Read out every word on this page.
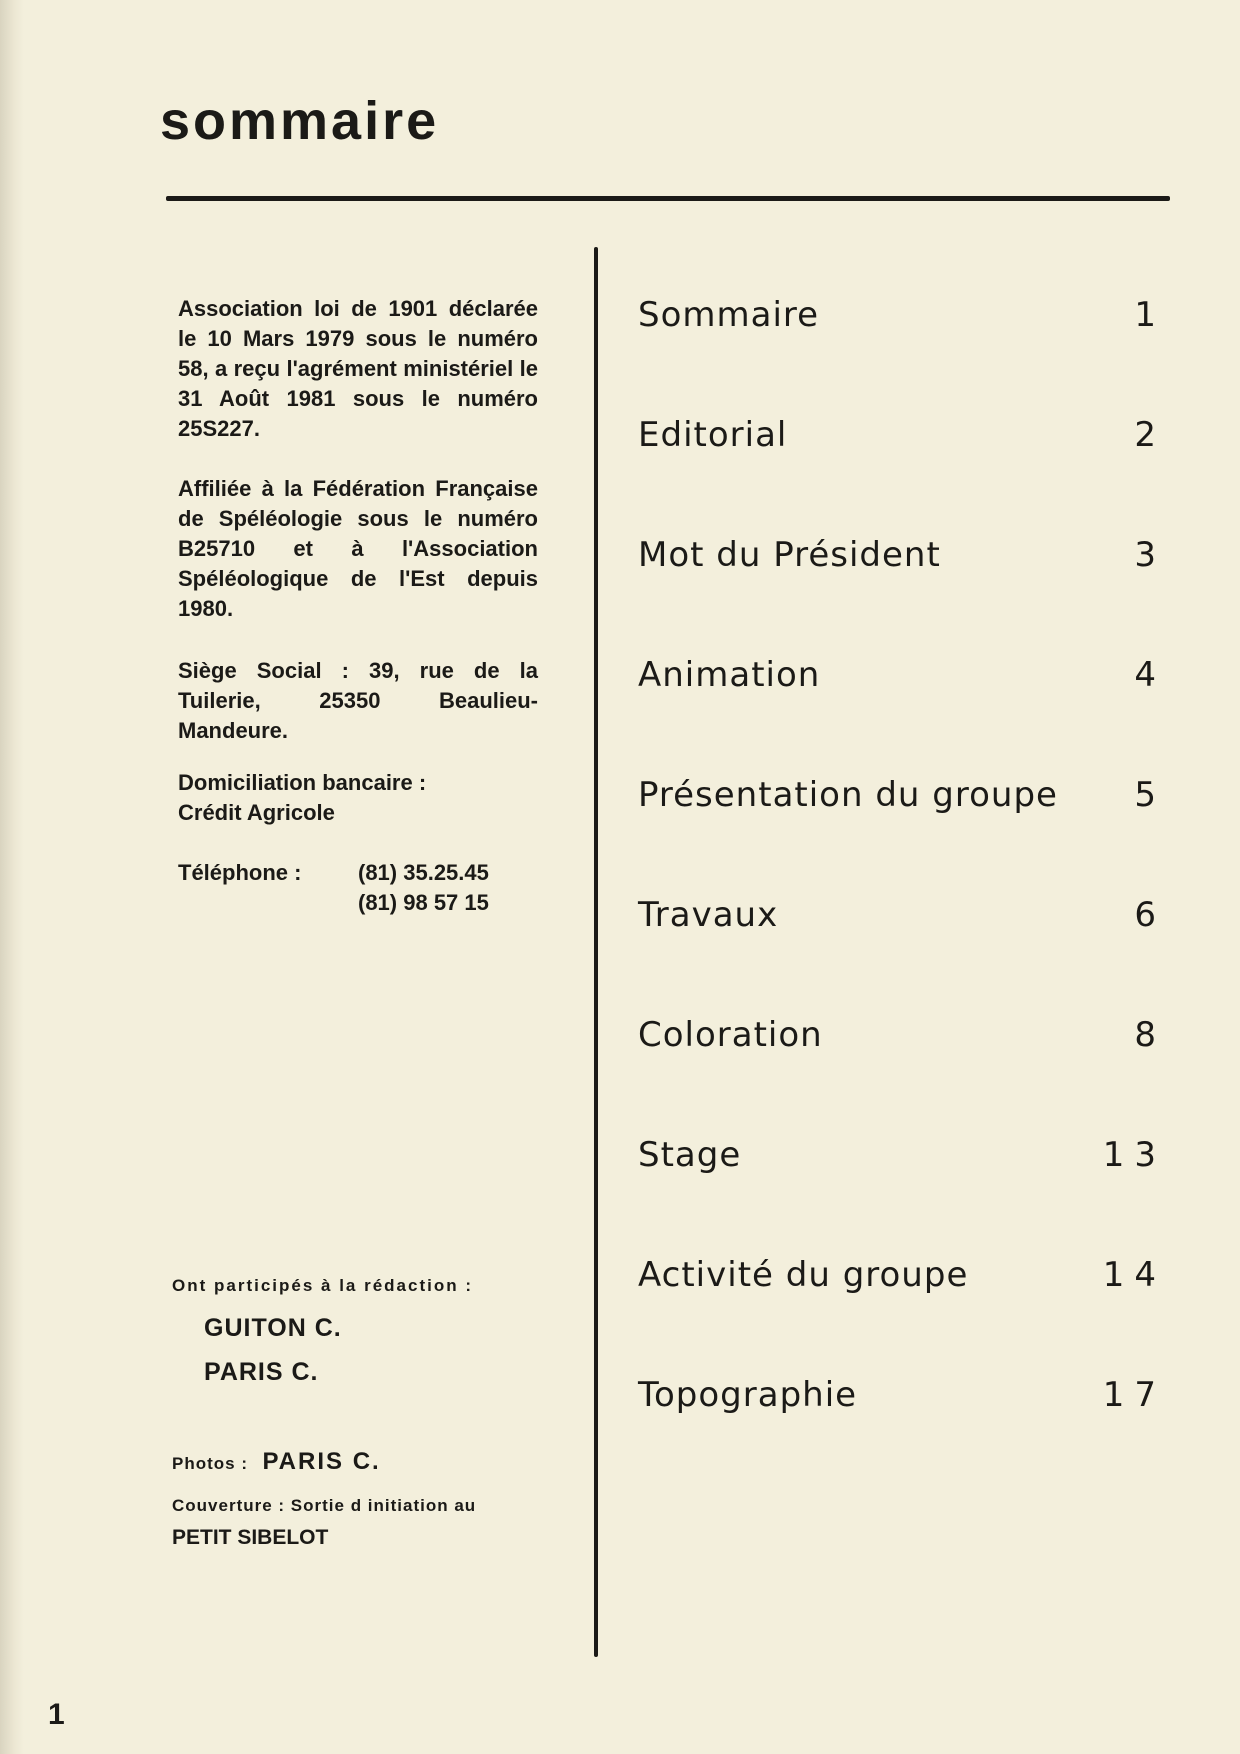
sommaire
Association loi de 1901 déclarée le 10 Mars 1979 sous le numéro 58, a reçu l'agrément ministériel le 31 Août 1981 sous le numéro 25S227.
Affiliée à la Fédération Française de Spéléologie sous le numéro B25710 et à l'Association Spéléologique de l'Est depuis 1980.
Siège Social : 39, rue de la Tuilerie, 25350 Beaulieu-Mandeure.
Domiciliation bancaire :
Crédit Agricole
Téléphone :	(81) 35.25.45
(81) 98 57 15
Ont participés à la rédaction :
GUITON C.
PARIS C.
Photos : PARIS C.
Couverture : Sortie d initiation au
PETIT SIBELOT
Sommaire	1
Editorial	2
Mot du Président	3
Animation	4
Présentation du groupe 5
Travaux	6
Coloration	8
Stage	13
Activité du groupe	14
Topographie	17
1
